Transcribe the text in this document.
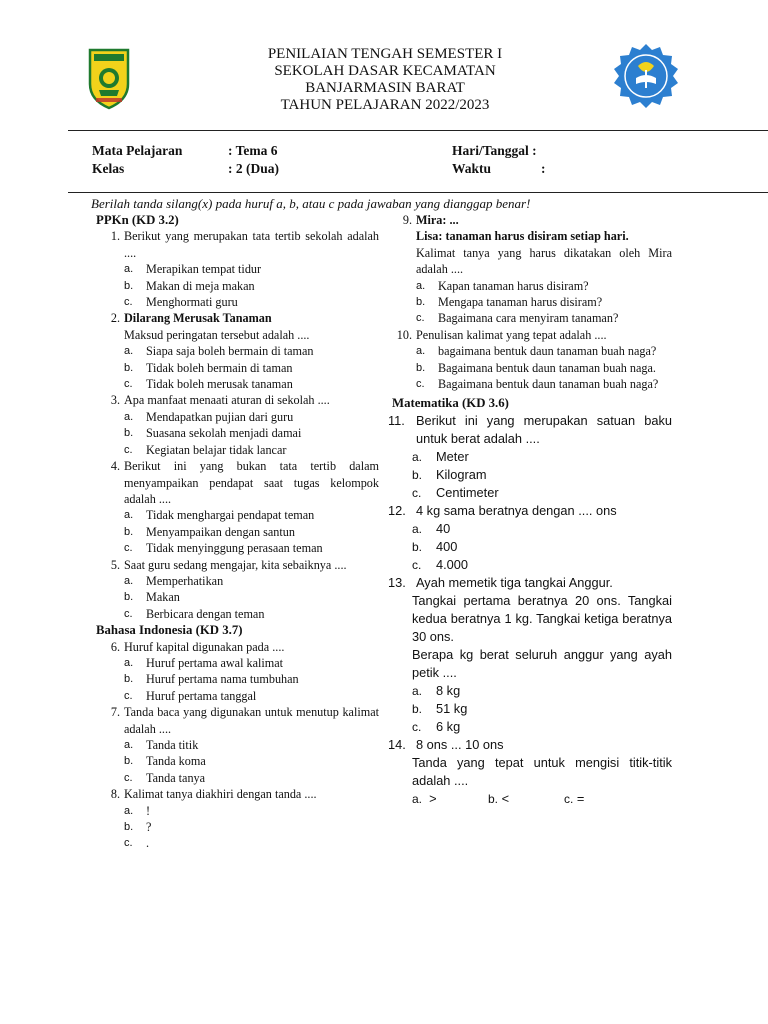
PENILAIAN TENGAH SEMESTER I
SEKOLAH DASAR KECAMATAN
BANJARMASIN BARAT
TAHUN PELAJARAN 2022/2023
Mata Pelajaran	: Tema 6
Kelas	: 2 (Dua)
Hari/Tanggal :
Waktu	:
Berilah tanda silang(x) pada huruf a, b, atau c pada jawaban yang dianggap benar!
PPKn (KD 3.2)
1. Berikut yang merupakan tata tertib sekolah adalah ....
a. Merapikan tempat tidur
b. Makan di meja makan
c. Menghormati guru
2. Dilarang Merusak Tanaman
Maksud peringatan tersebut adalah ....
a. Siapa saja boleh bermain di taman
b. Tidak boleh bermain di taman
c. Tidak boleh merusak tanaman
3. Apa manfaat menaati aturan di sekolah ....
a. Mendapatkan pujian dari guru
b. Suasana sekolah menjadi damai
c. Kegiatan belajar tidak lancar
4. Berikut ini yang bukan tata tertib dalam menyampaikan pendapat saat tugas kelompok adalah ....
a. Tidak menghargai pendapat teman
b. Menyampaikan dengan santun
c. Tidak menyinggung perasaan teman
5. Saat guru sedang mengajar, kita sebaiknya ....
a. Memperhatikan
b. Makan
c. Berbicara dengan teman
Bahasa Indonesia (KD 3.7)
6. Huruf kapital digunakan pada ....
a. Huruf pertama awal kalimat
b. Huruf pertama nama tumbuhan
c. Huruf pertama tanggal
7. Tanda baca yang digunakan untuk menutup kalimat adalah ....
a. Tanda titik
b. Tanda koma
c. Tanda tanya
8. Kalimat tanya diakhiri dengan tanda ....
a. !
b. ?
c. .
9. Mira: ...
Lisa: tanaman harus disiram setiap hari.
Kalimat tanya yang harus dikatakan oleh Mira adalah ....
a. Kapan tanaman harus disiram?
b. Mengapa tanaman harus disiram?
c. Bagaimana cara menyiram tanaman?
10. Penulisan kalimat yang tepat adalah ....
a. bagaimana bentuk daun tanaman buah naga?
b. Bagaimana bentuk daun tanaman buah naga.
c. Bagaimana bentuk daun tanaman buah naga?
Matematika (KD 3.6)
11. Berikut ini yang merupakan satuan baku untuk berat adalah ....
a. Meter
b. Kilogram
c. Centimeter
12. 4 kg sama beratnya dengan .... ons
a. 40
b. 400
c. 4.000
13. Ayah memetik tiga tangkai Anggur.
Tangkai pertama beratnya 20 ons. Tangkai kedua beratnya 1 kg. Tangkai ketiga beratnya 30 ons.
Berapa kg berat seluruh anggur yang ayah petik ....
a. 8 kg
b. 51 kg
c. 6 kg
14. 8 ons ... 10 ons
Tanda yang tepat untuk mengisi titik-titik adalah ....
a. >	b. <	c. =
